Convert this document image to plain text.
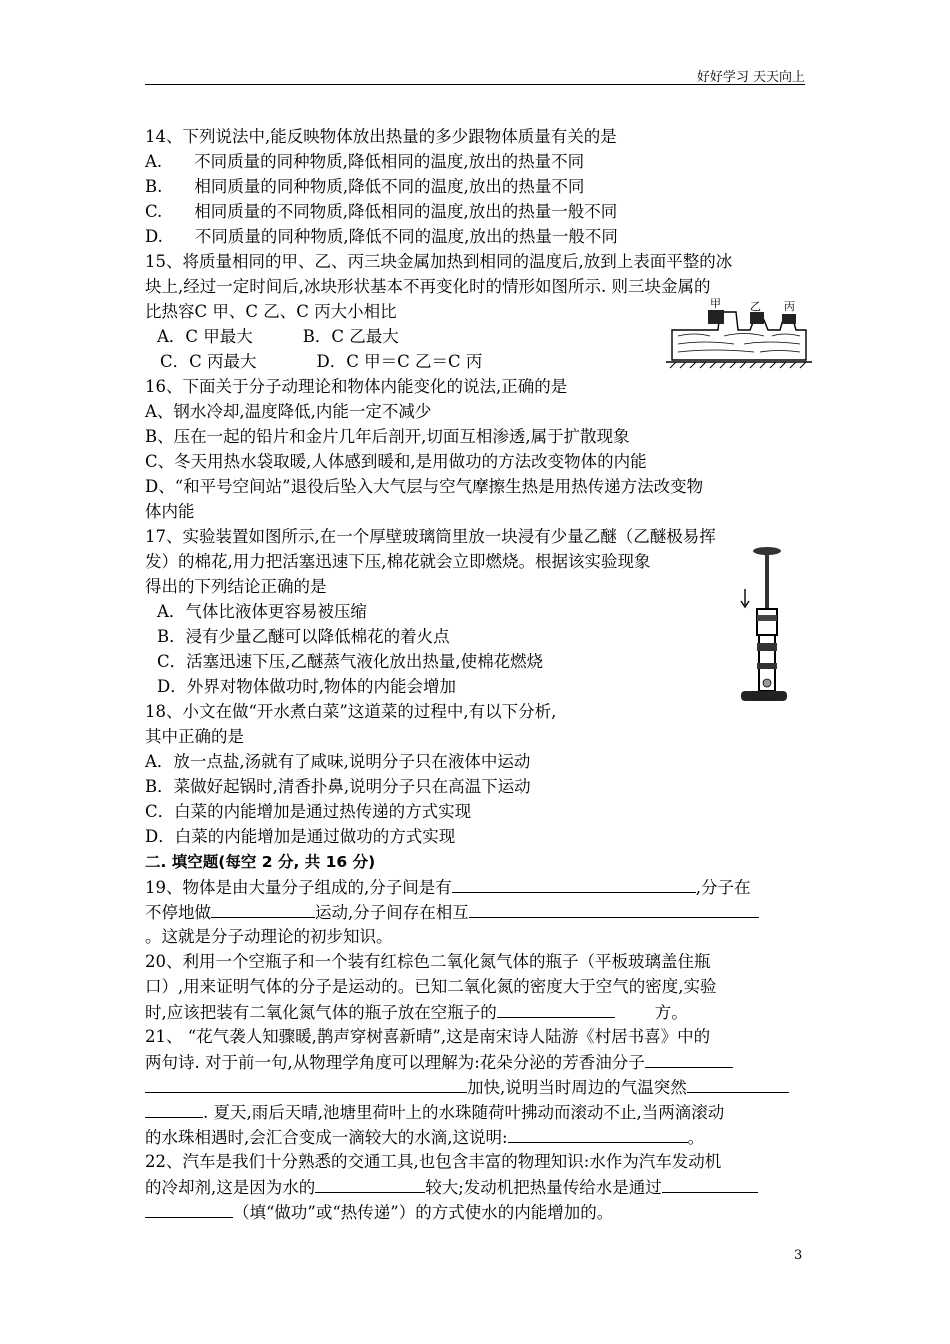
好好学习 天天向上
14、下列说法中,能反映物体放出热量的多少跟物体质量有关的是
A. 不同质量的同种物质,降低相同的温度,放出的热量不同
B. 相同质量的同种物质,降低不同的温度,放出的热量不同
C. 相同质量的不同物质,降低相同的温度,放出的热量一般不同
D. 不同质量的同种物质,降低不同的温度,放出的热量一般不同
15、将质量相同的甲、乙、丙三块金属加热到相同的温度后,放到上表面平整的冰
块上,经过一定时间后,冰块形状基本不再变化时的情形如图所示. 则三块金属的
比热容C 甲、C 乙、C 丙大小相比
A．C 甲最大	B．C 乙最大
C．C 丙最大	D．C 甲＝C 乙＝C 丙
甲	乙 丙
16、下面关于分子动理论和物体内能变化的说法,正确的是
A、钢水冷却,温度降低,内能一定不减少
B、压在一起的铅片和金片几年后剖开,切面互相渗透,属于扩散现象
C、冬天用热水袋取暖,人体感到暖和,是用做功的方法改变物体的内能
D、“和平号空间站”退役后坠入大气层与空气摩擦生热是用热传递方法改变物
体内能
17、实验装置如图所示,在一个厚壁玻璃筒里放一块浸有少量乙醚（乙醚极易挥
发）的棉花,用力把活塞迅速下压,棉花就会立即燃烧。根据该实验现象
得出的下列结论正确的是
A．气体比液体更容易被压缩
B．浸有少量乙醚可以降低棉花的着火点
C．活塞迅速下压,乙醚蒸气液化放出热量,使棉花燃烧
D．外界对物体做功时,物体的内能会增加
18、小文在做“开水煮白菜”这道菜的过程中,有以下分析,
其中正确的是
A．放一点盐,汤就有了咸味,说明分子只在液体中运动
B．菜做好起锅时,清香扑鼻,说明分子只在高温下运动
C．白菜的内能增加是通过热传递的方式实现
D．白菜的内能增加是通过做功的方式实现
二. 填空题(每空 2 分, 共 16 分)
19、物体是由大量分子组成的,分子间是有	,分子在
不停地做	运动,分子间存在相互
。这就是分子动理论的初步知识。
20、利用一个空瓶子和一个装有红棕色二氧化氮气体的瓶子（平板玻璃盖住瓶
口）,用来证明气体的分子是运动的。已知二氧化氮的密度大于空气的密度,实验
时,应该把装有二氧化氮气体的瓶子放在空瓶子的	方。
21、 “花气袭人知骤暖,鹊声穿树喜新晴”,这是南宋诗人陆游《村居书喜》中的
两句诗. 对于前一句,从物理学角度可以理解为:花朵分泌的芳香油分子
加快,说明当时周边的气温突然
. 夏天,雨后天晴,池塘里荷叶上的水珠随荷叶拂动而滚动不止,当两滴滚动
的水珠相遇时,会汇合变成一滴较大的水滴,这说明:	。
22、汽车是我们十分熟悉的交通工具,也包含丰富的物理知识:水作为汽车发动机
的冷却剂,这是因为水的	较大;发动机把热量传给水是通过
（填“做功”或“热传递”）的方式使水的内能增加的。
3
